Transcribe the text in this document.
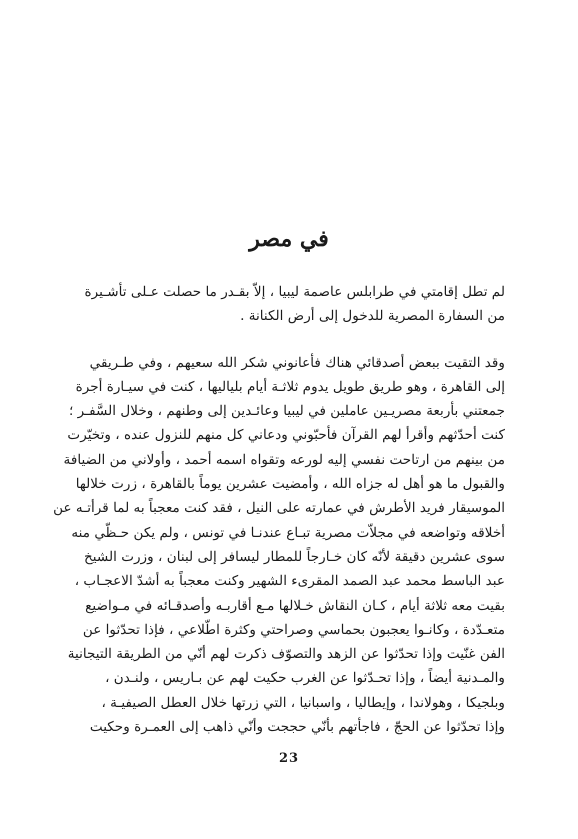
في مصر
لم تطل إقامتي في طرابلس عاصمة ليبيا ، إلاّ بقـدر ما حصلت عـلى تأشـيرة
من السفارة المصرية للدخول إلى أرض الكنانة .
وقد التقيت ببعض أصدقائي هناك فأعانوني شكر الله سعيهم ، وفي طـريقي
إلى القاهرة ، وهو طريق طويل يدوم ثلاثـة أيام بلياليها ، كنت في سيـارة أجرة
جمعتني بأربعة مصريـين عاملين في ليبيا وعائـدين إلى وطنهم ، وخلال السَّفـر ؛
كنت أحدّثهم وأقرأ لهم القرآن فأحبّوني ودعاني كل منهم للنزول عنده ، وتخيّرت
من بينهم من ارتاحت نفسي إليه لورعه وتقواه اسمه أحمد ، وأولاني من الضيافة
والقبول ما هو أهل له جزاه الله ، وأمضيت عشرين يوماً بالقاهرة ، زرت خلالها
الموسيقار فريد الأطرش في عمارته على النيل ، فقد كنت معجباً به لما قرأتـه عن
أخلاقه وتواضعه في مجلاّت مصرية تبـاع عندنـا في تونس ، ولم يكن حـظّي منه
سوى عشرين دقيقة لأنّه كان خـارجاً للمطار ليسافر إلى لبنان ، وزرت الشيخ
عبد الباسط محمد عبد الصمد المقرىء الشهير وكنت معجباً به أشدّ الاعجـاب ،
بقيت معه ثلاثة أيام ، كـان النقاش خـلالها مـع أقاربـه وأصدقـائه في مـواضيع
متعـدّدة ، وكانـوا يعجبون بحماسي وصراحتي وكثرة اطّلاعي ، فإذا تحدّثوا عن
الفن غنّيت وإذا تحدّثوا عن الزهد والتصوّف ذكرت لهم أنّي من الطريقة التيجانية
والمـدنية أيضاً ، وإذا تحـدّثوا عن الغرب حكيت لهم عن بـاريس ، ولنـدن ،
وبلجيكا ، وهولاندا ، وإيطاليا ، واسبانيا ، التي زرتها خلال العطل الصيفيـة ،
وإذا تحدّثوا عن الحجّ ، فاجأتهم بأنّي حججت وأنّي ذاهب إلى العمـرة وحكيت
23
